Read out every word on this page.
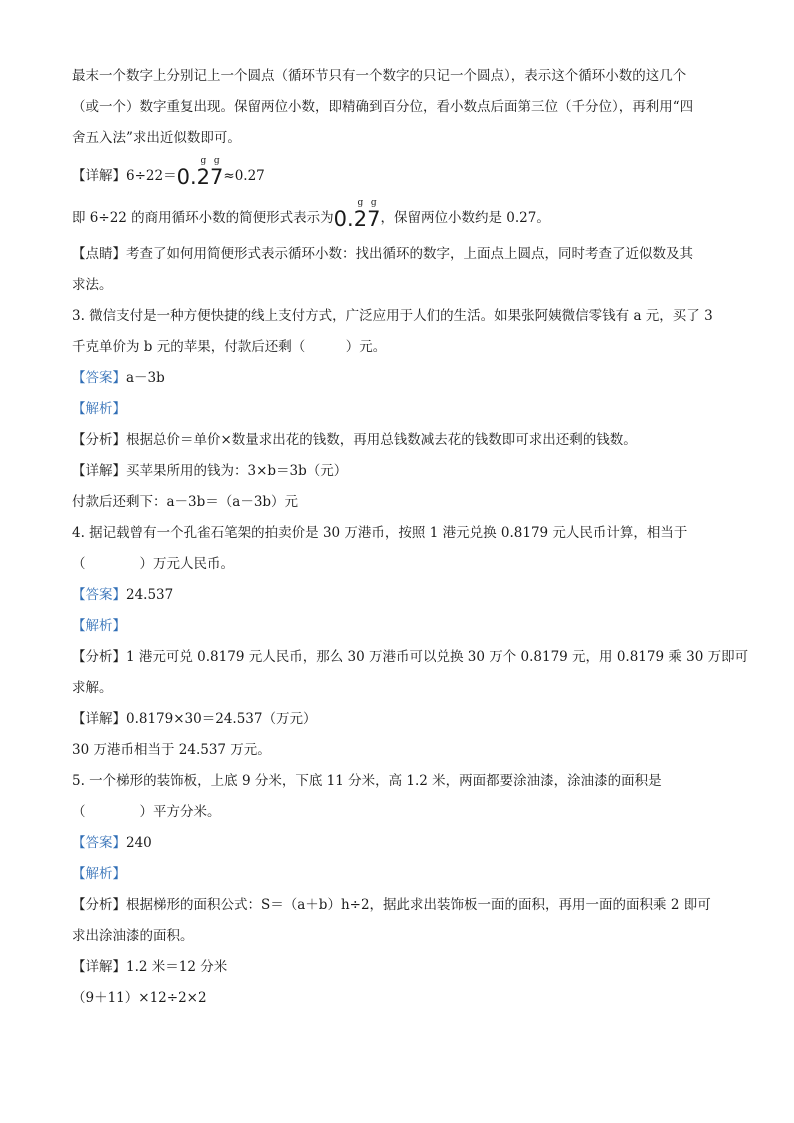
最末一个数字上分别记上一个圆点（循环节只有一个数字的只记一个圆点），表示这个循环小数的这几个
（或一个）数字重复出现。保留两位小数，即精确到百分位，看小数点后面第三位（千分位），再利用“四
舍五入法”求出近似数即可。
【详解】6÷22＝0.
g
2
g
7≈0.27
即 6÷22 的商用循环小数的简便形式表示为0.
g
2
g
7，保留两位小数约是 0.27。
【点睛】考查了如何用简便形式表示循环小数：找出循环的数字，上面点上圆点，同时考查了近似数及其
求法。
3. 微信支付是一种方便快捷的线上支付方式，广泛应用于人们的生活。如果张阿姨微信零钱有 a 元，买了 3
千克单价为 b 元的苹果，付款后还剩（　　　）元。
【答案】a－3b
【解析】
【分析】根据总价＝单价×数量求出花的钱数，再用总钱数减去花的钱数即可求出还剩的钱数。
【详解】买苹果所用的钱为：3×b＝3b（元）
付款后还剩下：a－3b＝（a－3b）元
4. 据记载曾有一个孔雀石笔架的拍卖价是 30 万港币，按照 1 港元兑换 0.8179 元人民币计算，相当于
（　　　　）万元人民币。
【答案】24.537
【解析】
【分析】1 港元可兑 0.8179 元人民币，那么 30 万港币可以兑换 30 万个 0.8179 元，用 0.8179 乘 30 万即可
求解。
【详解】0.8179×30＝24.537（万元）
30 万港币相当于 24.537 万元。
5. 一个梯形的装饰板，上底 9 分米，下底 11 分米，高 1.2 米，两面都要涂油漆，涂油漆的面积是
（　　　　）平方分米。
【答案】240
【解析】
【分析】根据梯形的面积公式：S＝（a＋b）h÷2，据此求出装饰板一面的面积，再用一面的面积乘 2 即可
求出涂油漆的面积。
【详解】1.2 米＝12 分米
（9＋11）×12÷2×2
